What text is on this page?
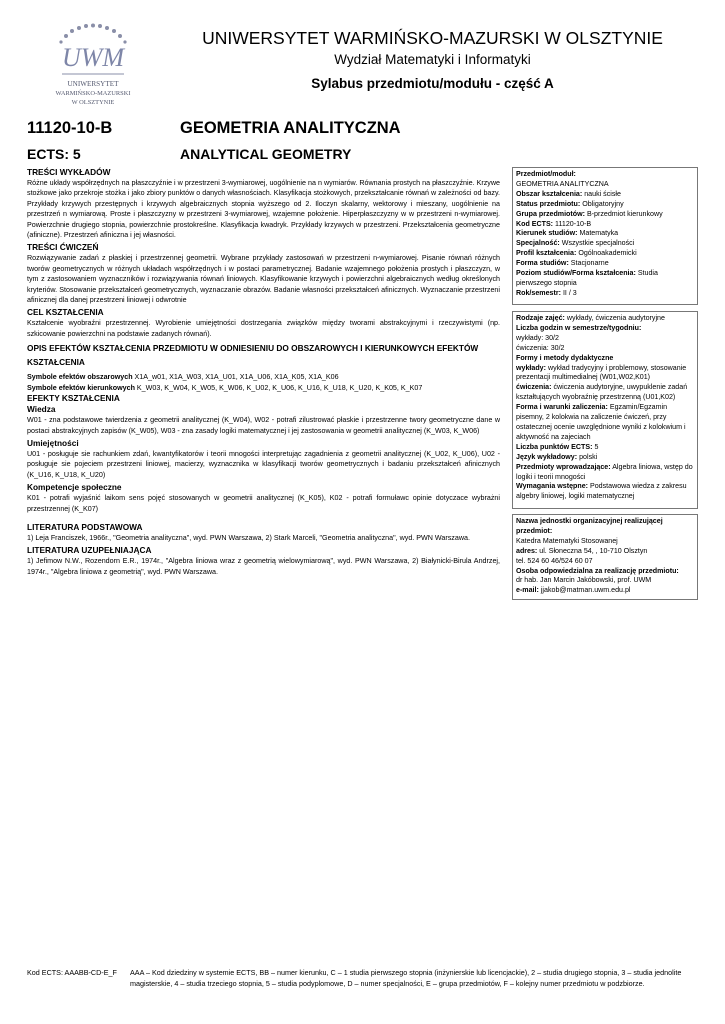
UWM
UNIWERSYTET
WARMIŃSKO-MAZURSKI
W OLSZTYNIE
UNIWERSYTET WARMIŃSKO-MAZURSKI W OLSZTYNIE
Wydział Matematyki i Informatyki
Sylabus przedmiotu/modułu - część A
11120-10-B	GEOMETRIA ANALITYCZNA
ECTS: 5	ANALYTICAL GEOMETRY
TREŚCI WYKŁADÓW

Różne układy współrzędnych na płaszczyźnie i w przestrzeni 3-wymiarowej, uogólnienie na n wymiarów. Równania prostych na płaszczyźnie. Krzywe stożkowe jako przekroje stożka i jako zbiory punktów o danych własnościach. Klasyfikacja stożkowych, przekształcanie równań w zależności od bazy. Przykłady krzywych przestępnych i krzywych algebraicznych stopnia wyższego od 2. Iloczyn skalarny, wektorowy i mieszany, uogólnienie na przestrzeń n wymiarową. Proste i płaszczyzny w przestrzeni 3-wymiarowej, wzajemne położenie. Hiperpłaszczyzny w w przestrzeni n-wymiarowej. Powierzchnie drugiego stopnia, powierzchnie prostokreślne. Klasyfikacja kwadryk. Przykłady krzywych w przestrzeni. Przekształcenia geometryczne (afiniczne). Przestrzeń afiniczna i jej własności.

TREŚCI ĆWICZEŃ

Rozwiązywanie zadań z płaskiej i przestrzennej geometrii. Wybrane przykłady zastosowań w przestrzeni n-wymiarowej. Pisanie równań różnych tworów geometrycznych w różnych układach współrzędnych i w postaci parametrycznej. Badanie wzajemnego położenia prostych i płaszczyzn, w tym z zastosowaniem wyznaczników i rozwiązywania równań liniowych. Klasyfikowanie krzywych i powierzchni algebraicznych według określonych kryteriów. Stosowanie przekształceń geometrycznych, wyznaczanie obrazów. Badanie własności przekształceń afinicznych. Wyznaczanie przestrzeni afinicznej dla danej przestrzeni liniowej i odwrotnie

CEL KSZTAŁCENIA

Kształcenie wyobraźni przestrzennej. Wyrobienie umiejętności dostrzegania związków między tworami abstrakcyjnymi i rzeczywistymi (np. szkicowanie powierzchni na podstawie zadanych równań).

OPIS EFEKTÓW KSZTAŁCENIA PRZEDMIOTU W ODNIESIENIU DO OBSZAROWYCH I KIERUNKOWYCH EFEKTÓW KSZTAŁCENIA

Symbole efektów obszarowych X1A_w01, X1A_W03, X1A_U01, X1A_U06, X1A_K05, X1A_K06

Symbole efektów kierunkowych K_W03, K_W04, K_W05, K_W06, K_U02, K_U06, K_U16, K_U18, K_U20, K_K05, K_K07

EFEKTY KSZTAŁCENIA
Wiedza

W01 - zna podstawowe twierdzenia z geometrii analitycznej (K_W04), W02 - potrafi zilustrować płaskie i przestrzenne twory geometryczne dane w postaci abstrakcyjnych zapisów (K_W05), W03 - zna zasady logiki matematycznej i jej zastosowania w geometrii analitycznej (K_W03, K_W06)

Umiejętności

U01 - posługuje sie rachunkiem zdań, kwantyfikatorów i teorii mnogości interpretując zagadnienia z geometrii analitycznej (K_U02, K_U06), U02 - posługuje sie pojeciem przestrzeni liniowej, macierzy, wyznacznika w klasyfikacji tworów geometrycznych i badaniu przekształceń afinicznych (K_U16, K_U18, K_U20)

Kompetencje społeczne

K01 - potrafi wyjaśnić laikom sens pojęć stosowanych w geometrii analitycznej (K_K05), K02 - potrafi formuławc opinie dotyczace wybrażni przestrzennej (K_K07)

LITERATURA PODSTAWOWA

1) Leja Franciszek, 1966r., "Geometria analityczna", wyd. PWN Warszawa, 2) Stark Marceli, "Geometria analityczna", wyd. PWN Warszawa.

LITERATURA UZUPEŁNIAJĄCA

1) Jefimow N.W., Rozendorn E.R., 1974r., "Algebra liniowa wraz z geometrią wielowymiarową", wyd. PWN Warszawa, 2) Białynicki-Birula Andrzej, 1974r., "Algebra liniowa z geometrią", wyd. PWN Warszawa.

Przedmiot/moduł:
GEOMETRIA ANALITYCZNA
Obszar kształcenia: nauki ścisłe
Status przedmiotu: Obligatoryjny
Grupa przedmiotów: B-przedmiot kierunkowy
Kod ECTS: 11120-10-B
Kierunek studiów: Matematyka
Specjalność: Wszystkie specjalności
Profil kształcenia: Ogólnoakademicki
Forma studiów: Stacjonarne
Poziom studiów/Forma kształcenia: Studia pierwszego stopnia
Rok/semestr: II / 3
Rodzaje zajęć: wykłady, ćwiczenia audytoryjne
Liczba godzin w semestrze/tygodniu:
wykłady: 30/2
ćwiczenia: 30/2
Formy i metody dydaktyczne
wykłady: wykład tradycyjny i problemowy, stosowanie prezentacji multimedialnej (W01,W02,K01)
ćwiczenia: ćwiczenia audytoryjne, uwypuklenie zadań kształtujących wyobraźnię przestrzenną (U01,K02)
Forma i warunki zaliczenia: Egzamin/Egzamin pisemny, 2 kolokwia na zaliczenie ćwiczeń, przy ostatecznej ocenie uwzględnione wyniki z kolokwium i aktywność na zajeciach
Liczba punktów ECTS: 5
Język wykładowy: polski
Przedmioty wprowadzające: Algebra liniowa, wstęp do logiki i teorii mnogości
Wymagania wstępne: Podstawowa wiedza z zakresu algebry liniowej, logiki matematycznej
Nazwa jednostki organizacyjnej realizującej przedmiot:
Katedra Matematyki Stosowanej
adres: ul. Słoneczna 54, , 10-710 Olsztyn
tel. 524 60 46/524 60 07
Osoba odpowiedzialna za realizację przedmiotu:
dr hab. Jan Marcin Jakóbowski, prof. UWM
e-mail: jjakob@matman.uwm.edu.pl
Kod ECTS: AAABB-CD-E_F AAA – Kod dziedziny w systemie ECTS, BB – numer kierunku, C – 1 studia pierwszego stopnia (inżynierskie lub licencjackie), 2 – studia drugiego stopnia, 3 – studia jednolite magisterskie, 4 – studia trzeciego stopnia, 5 – studia podyplomowe, D – numer specjalności, E – grupa przedmiotów, F – kolejny numer przedmiotu w podzbiorze.
